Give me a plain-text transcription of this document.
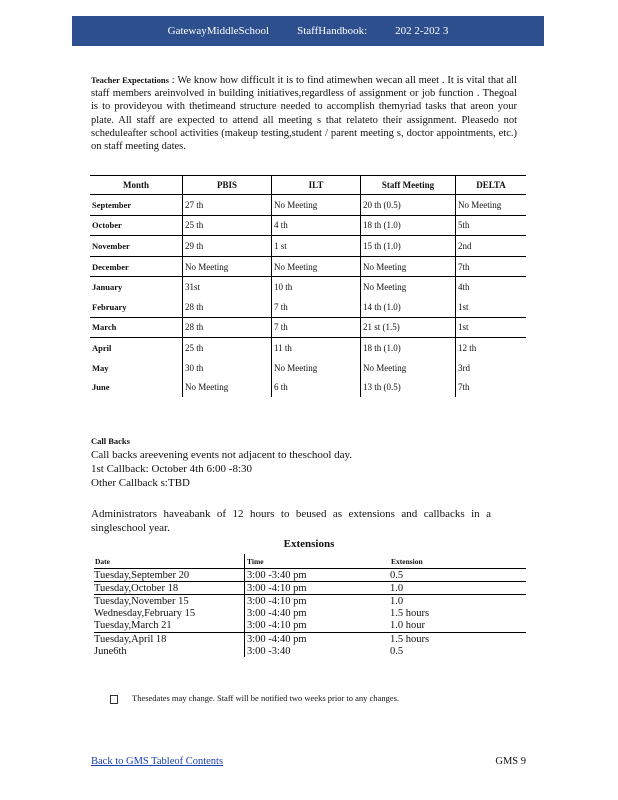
GatewayMiddleSchool	StaffHandbook:	202 2-202 3
Teacher Expectations : We know how difficult it is to find atimewhen wecan all meet . It is vital that all staff members areinvolved in building initiatives,regardless of assignment or job function . Thegoal is to provideyou with thetimeand structure needed to accomplish themyriad tasks that areon your plate. All staff are expected to attend all meeting s that relateto their assignment. Pleasedo not scheduleafter school activities (makeup testing,student / parent meeting s, doctor appointments, etc.) on staff meeting dates.
Month	PBIS	ILT	Staff Meeting	DELTA
September	27 th	No Meeting	20 th (0.5)	No Meeting
October	25 th	4 th	18 th (1.0)	5th
November	29 th	1 st	15 th (1.0)	2nd
December	No Meeting	No Meeting	No Meeting	7th
January	31st	10 th	No Meeting	4th
February	28 th	7 th	14 th (1.0)	1st
March	28 th	7 th	21 st (1.5)	1st
April	25 th	11 th	18 th (1.0)	12 th
May	30 th	No Meeting	No Meeting	3rd
June	No Meeting	6 th	13 th (0.5)	7th
Call Backs
Call backs areevening events not adjacent to theschool day.
1st Callback: October 4th 6:00 -8:30
Other Callback s:TBD
Administrators haveabank of 12 hours to beused as extensions and callbacks in a singleschool year.
Extensions
Date	Time	Extension
Tuesday,September 20	3:00 -3:40 pm	0.5
Tuesday,October 18	3:00 -4:10 pm	1.0
Tuesday,November 15	3:00 -4:10 pm	1.0
Wednesday,February 15	3:00 -4:40 pm	1.5 hours
Tuesday,March 21	3:00 -4:10 pm	1.0 hour
Tuesday,April 18	3:00 -4:40 pm	1.5 hours
June6th	3:00 -3:40	0.5
Thesedates may change. Staff will be notified two weeks prior to any changes.
Back to GMS Tableof Contents	GMS 9
